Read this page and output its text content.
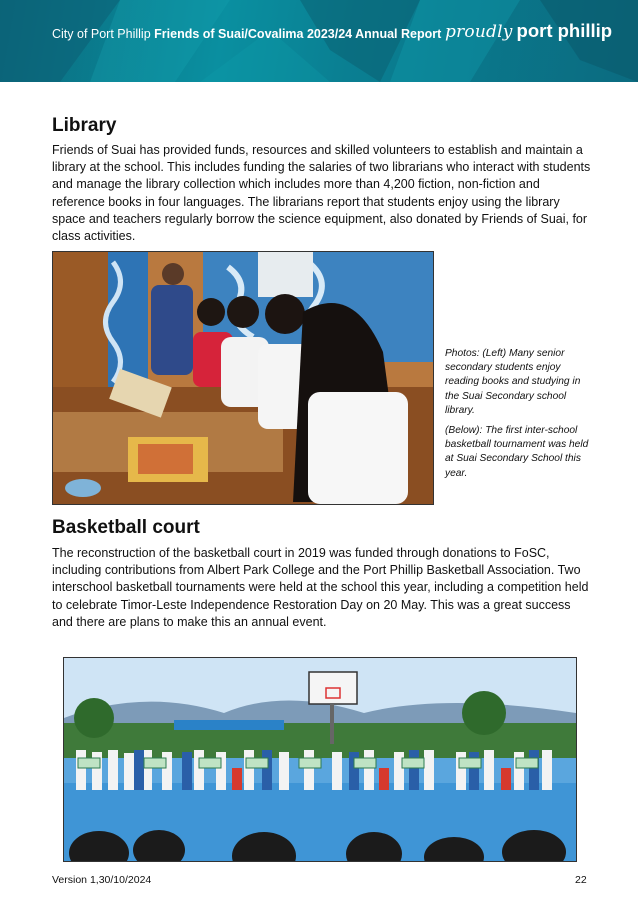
City of Port Phillip Friends of Suai/Covalima 2023/24 Annual Report proudly port phillip
Library

Friends of Suai has provided funds, resources and skilled volunteers to establish and maintain a library at the school. This includes funding the salaries of two librarians who interact with students and manage the library collection which includes more than 4,200 fiction, non-fiction and reference books in four languages. The librarians report that students enjoy using the library space and teachers regularly borrow the science equipment, also donated by Friends of Suai, for class activities.

Photos: (Left) Many senior secondary students enjoy reading books and studying in the Suai Secondary school library.

(Below): The first inter-school basketball tournament was held at Suai Secondary School this year.

Basketball court

The reconstruction of the basketball court in 2019 was funded through donations to FoSC, including contributions from Albert Park College and the Port Phillip Basketball Association. Two interschool basketball tournaments were held at the school this year, including a competition held to celebrate Timor-Leste Independence Restoration Day on 20 May. This was a great success and there are plans to make this an annual event.

Version 1,30/10/2024	22
